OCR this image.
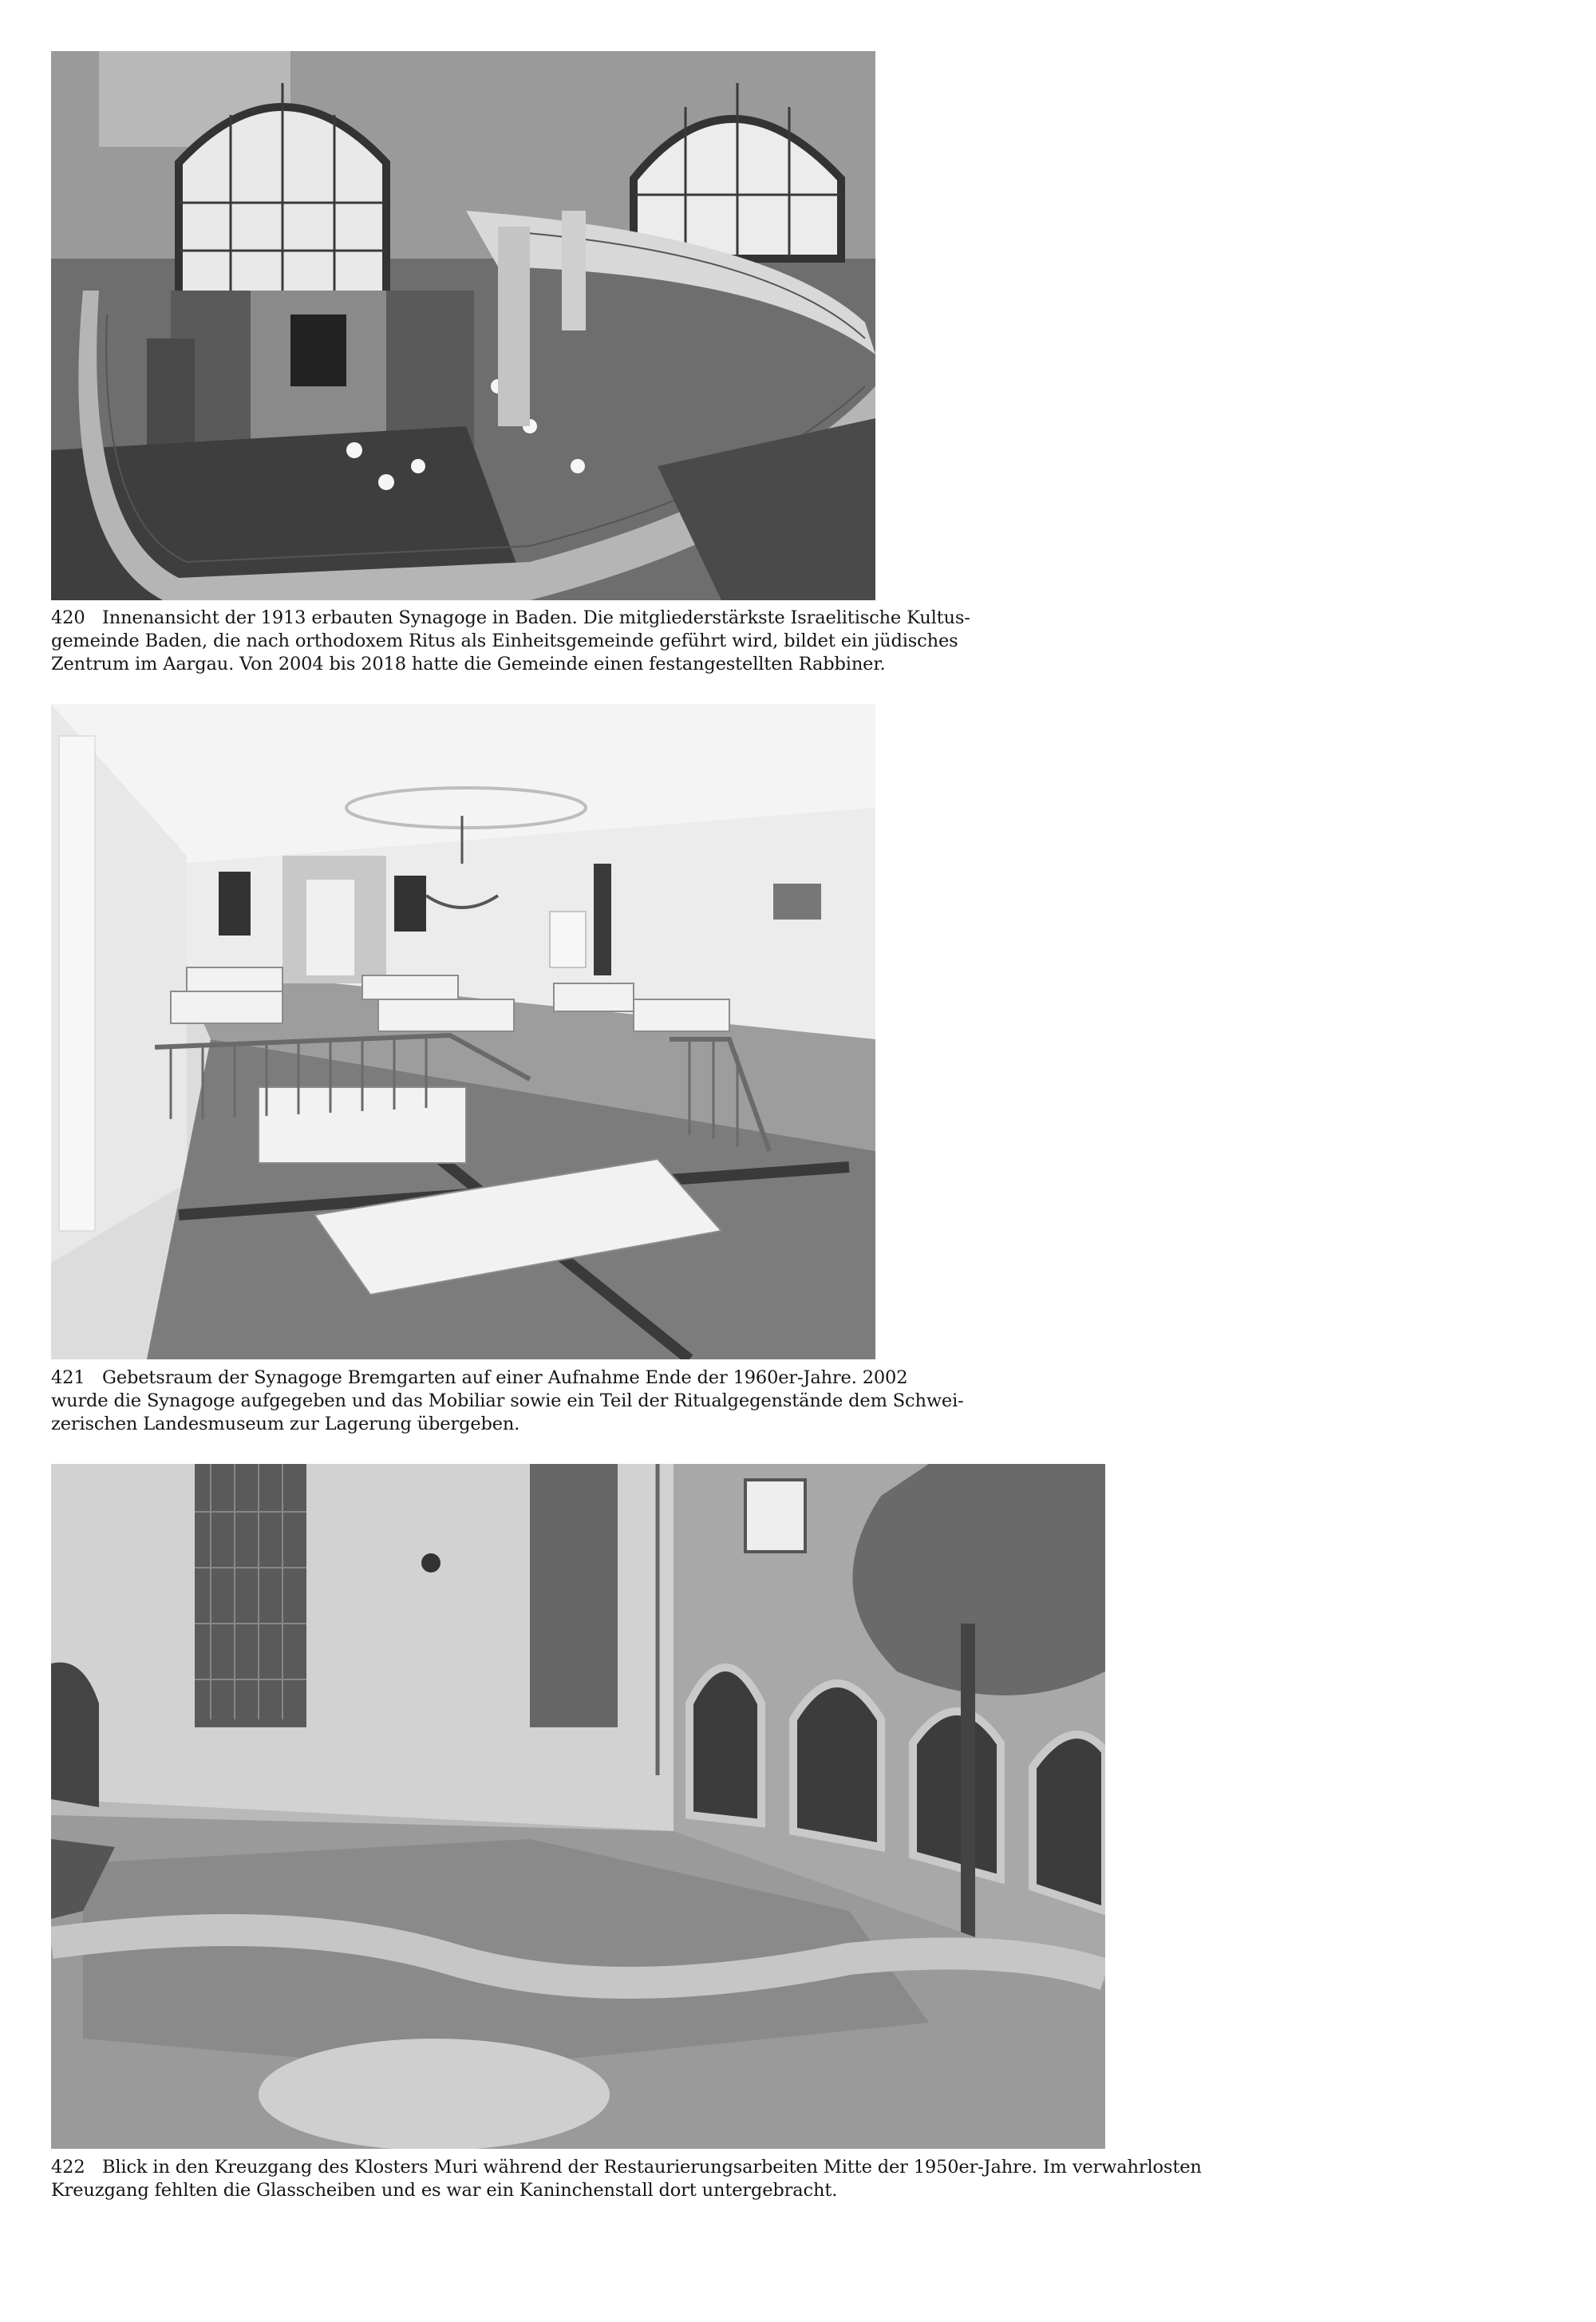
420 Innenansicht der 1913 erbauten Synagoge in Baden. Die mitgliederstärkste Israelitische Kultus-
gemeinde Baden, die nach orthodoxem Ritus als Einheitsgemeinde geführt wird, bildet ein jüdisches
Zentrum im Aargau. Von 2004 bis 2018 hatte die Gemeinde einen festangestellten Rabbiner.
421 Gebetsraum der Synagoge Bremgarten auf einer Aufnahme Ende der 1960er-Jahre. 2002
wurde die Synagoge aufgegeben und das Mobiliar sowie ein Teil der Ritualgegenstände dem Schwei-
zerischen Landesmuseum zur Lagerung übergeben.
422 Blick in den Kreuzgang des Klosters Muri während der Restaurierungsarbeiten Mitte der 1950er-Jahre. Im verwahrlosten
Kreuzgang fehlten die Glasscheiben und es war ein Kaninchenstall dort untergebracht.
